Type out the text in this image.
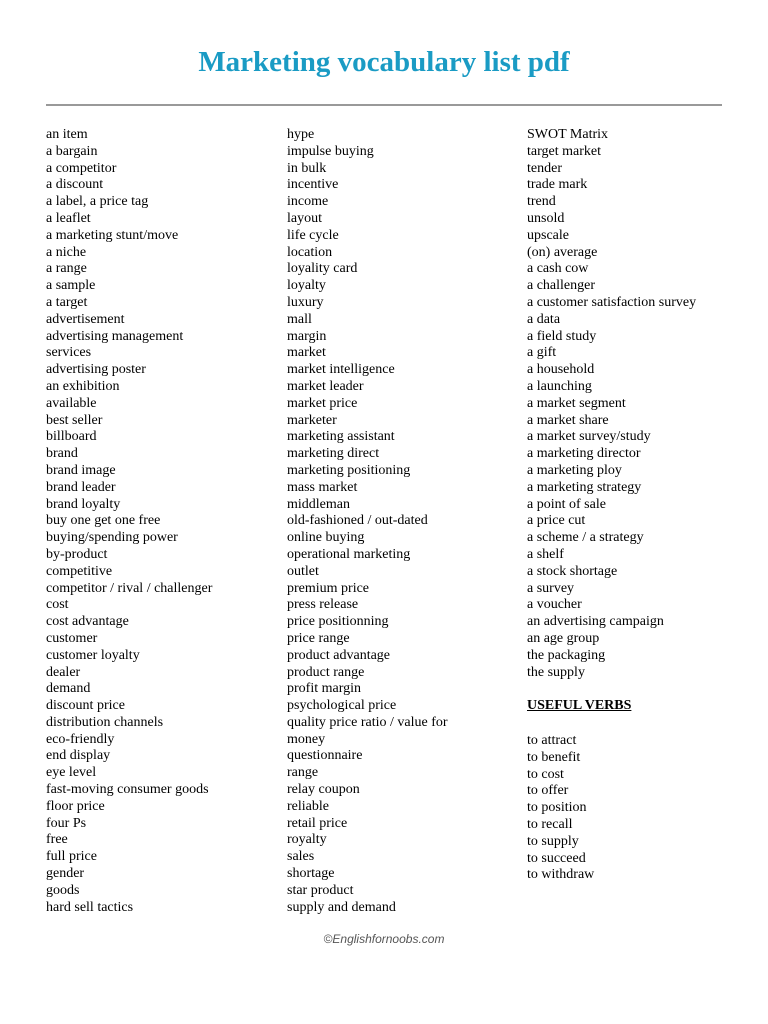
Marketing vocabulary list pdf
an item
a bargain
a competitor
a discount
a label, a price tag
a leaflet
a marketing stunt/move
a niche
a range
a sample
a target
advertisement
advertising management
services
advertising poster
an exhibition
available
best seller
billboard
brand
brand image
brand leader
brand loyalty
buy one get one free
buying/spending power
by-product
competitive
competitor / rival / challenger
cost
cost advantage
customer
customer loyalty
dealer
demand
discount price
distribution channels
eco-friendly
end display
eye level
fast-moving consumer goods
floor price
four Ps
free
full price
gender
goods
hard sell tactics
hype
impulse buying
in bulk
incentive
income
layout
life cycle
location
loyality card
loyalty
luxury
mall
margin
market
market intelligence
market leader
market price
marketer
marketing assistant
marketing direct
marketing positioning
mass market
middleman
old-fashioned / out-dated
online buying
operational marketing
outlet
premium price
press release
price positionning
price range
product advantage
product range
profit margin
psychological price
quality price ratio / value for
money
questionnaire
range
relay coupon
reliable
retail price
royalty
sales
shortage
star product
supply and demand
SWOT Matrix
target market
tender
trade mark
trend
unsold
upscale
(on) average
a cash cow
a challenger
a customer satisfaction survey
a data
a field study
a gift
a household
a launching
a market segment
a market share
a market survey/study
a marketing director
a marketing ploy
a marketing strategy
a point of sale
a price cut
a scheme / a strategy
a shelf
a stock shortage
a survey
a voucher
an advertising campaign
an age group
the packaging
the supply
USEFUL VERBS
to attract
to benefit
to cost
to offer
to position
to recall
to supply
to succeed
to withdraw
©Englishfornoobs.com
